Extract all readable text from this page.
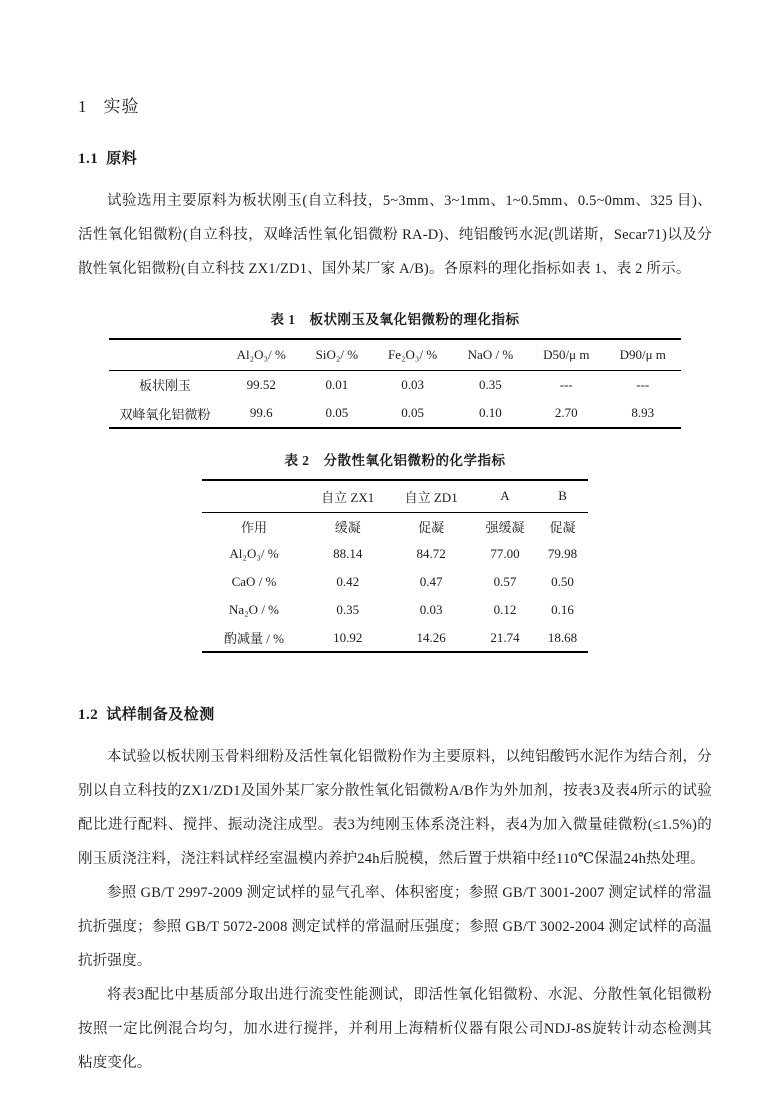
1 实验
1.1 原料

试验选用主要原料为板状刚玉(自立科技，5~3mm、3~1mm、1~0.5mm、0.5~0mm、325 目)、活性氧化铝微粉(自立科技，双峰活性氧化铝微粉 RA-D)、纯铝酸钙水泥(凯诺斯，Secar71)以及分散性氧化铝微粉(自立科技 ZX1/ZD1、国外某厂家 A/B)。各原料的理化指标如表 1、表 2 所示。

表 1　板状刚玉及氧化铝微粉的理化指标
	Al₂O₃/ %	SiO₂/ %	Fe₂O₃/ %	NaO / %	D50/μ m	D90/μ m
板状刚玉	99.52	0.01	0.03	0.35	---	---
双峰氧化铝微粉	99.6	0.05	0.05	0.10	2.70	8.93
表 2　分散性氧化铝微粉的化学指标
	自立 ZX1	自立 ZD1	A	B
作用	缓凝	促凝	强缓凝	促凝
Al₂O₃/ %	88.14	84.72	77.00	79.98
CaO / %	0.42	0.47	0.57	0.50
Na₂O / %	0.35	0.03	0.12	0.16
酌减量 / %	10.92	14.26	21.74	18.68
1.2 试样制备及检测

本试验以板状刚玉骨料细粉及活性氧化铝微粉作为主要原料，以纯铝酸钙水泥作为结合剂，分别以自立科技的ZX1/ZD1及国外某厂家分散性氧化铝微粉A/B作为外加剂，按表3及表4所示的试验配比进行配料、搅拌、振动浇注成型。表3为纯刚玉体系浇注料，表4为加入微量硅微粉(≤1.5%)的刚玉质浇注料，浇注料试样经室温模内养护24h后脱模，然后置于烘箱中经110℃保温24h热处理。

参照 GB/T 2997-2009 测定试样的显气孔率、体积密度；参照 GB/T 3001-2007 测定试样的常温抗折强度；参照 GB/T 5072-2008 测定试样的常温耐压强度；参照 GB/T 3002-2004 测定试样的高温抗折强度。

将表3配比中基质部分取出进行流变性能测试，即活性氧化铝微粉、水泥、分散性氧化铝微粉按照一定比例混合均匀，加水进行搅拌，并利用上海精析仪器有限公司NDJ-8S旋转计动态检测其粘度变化。
